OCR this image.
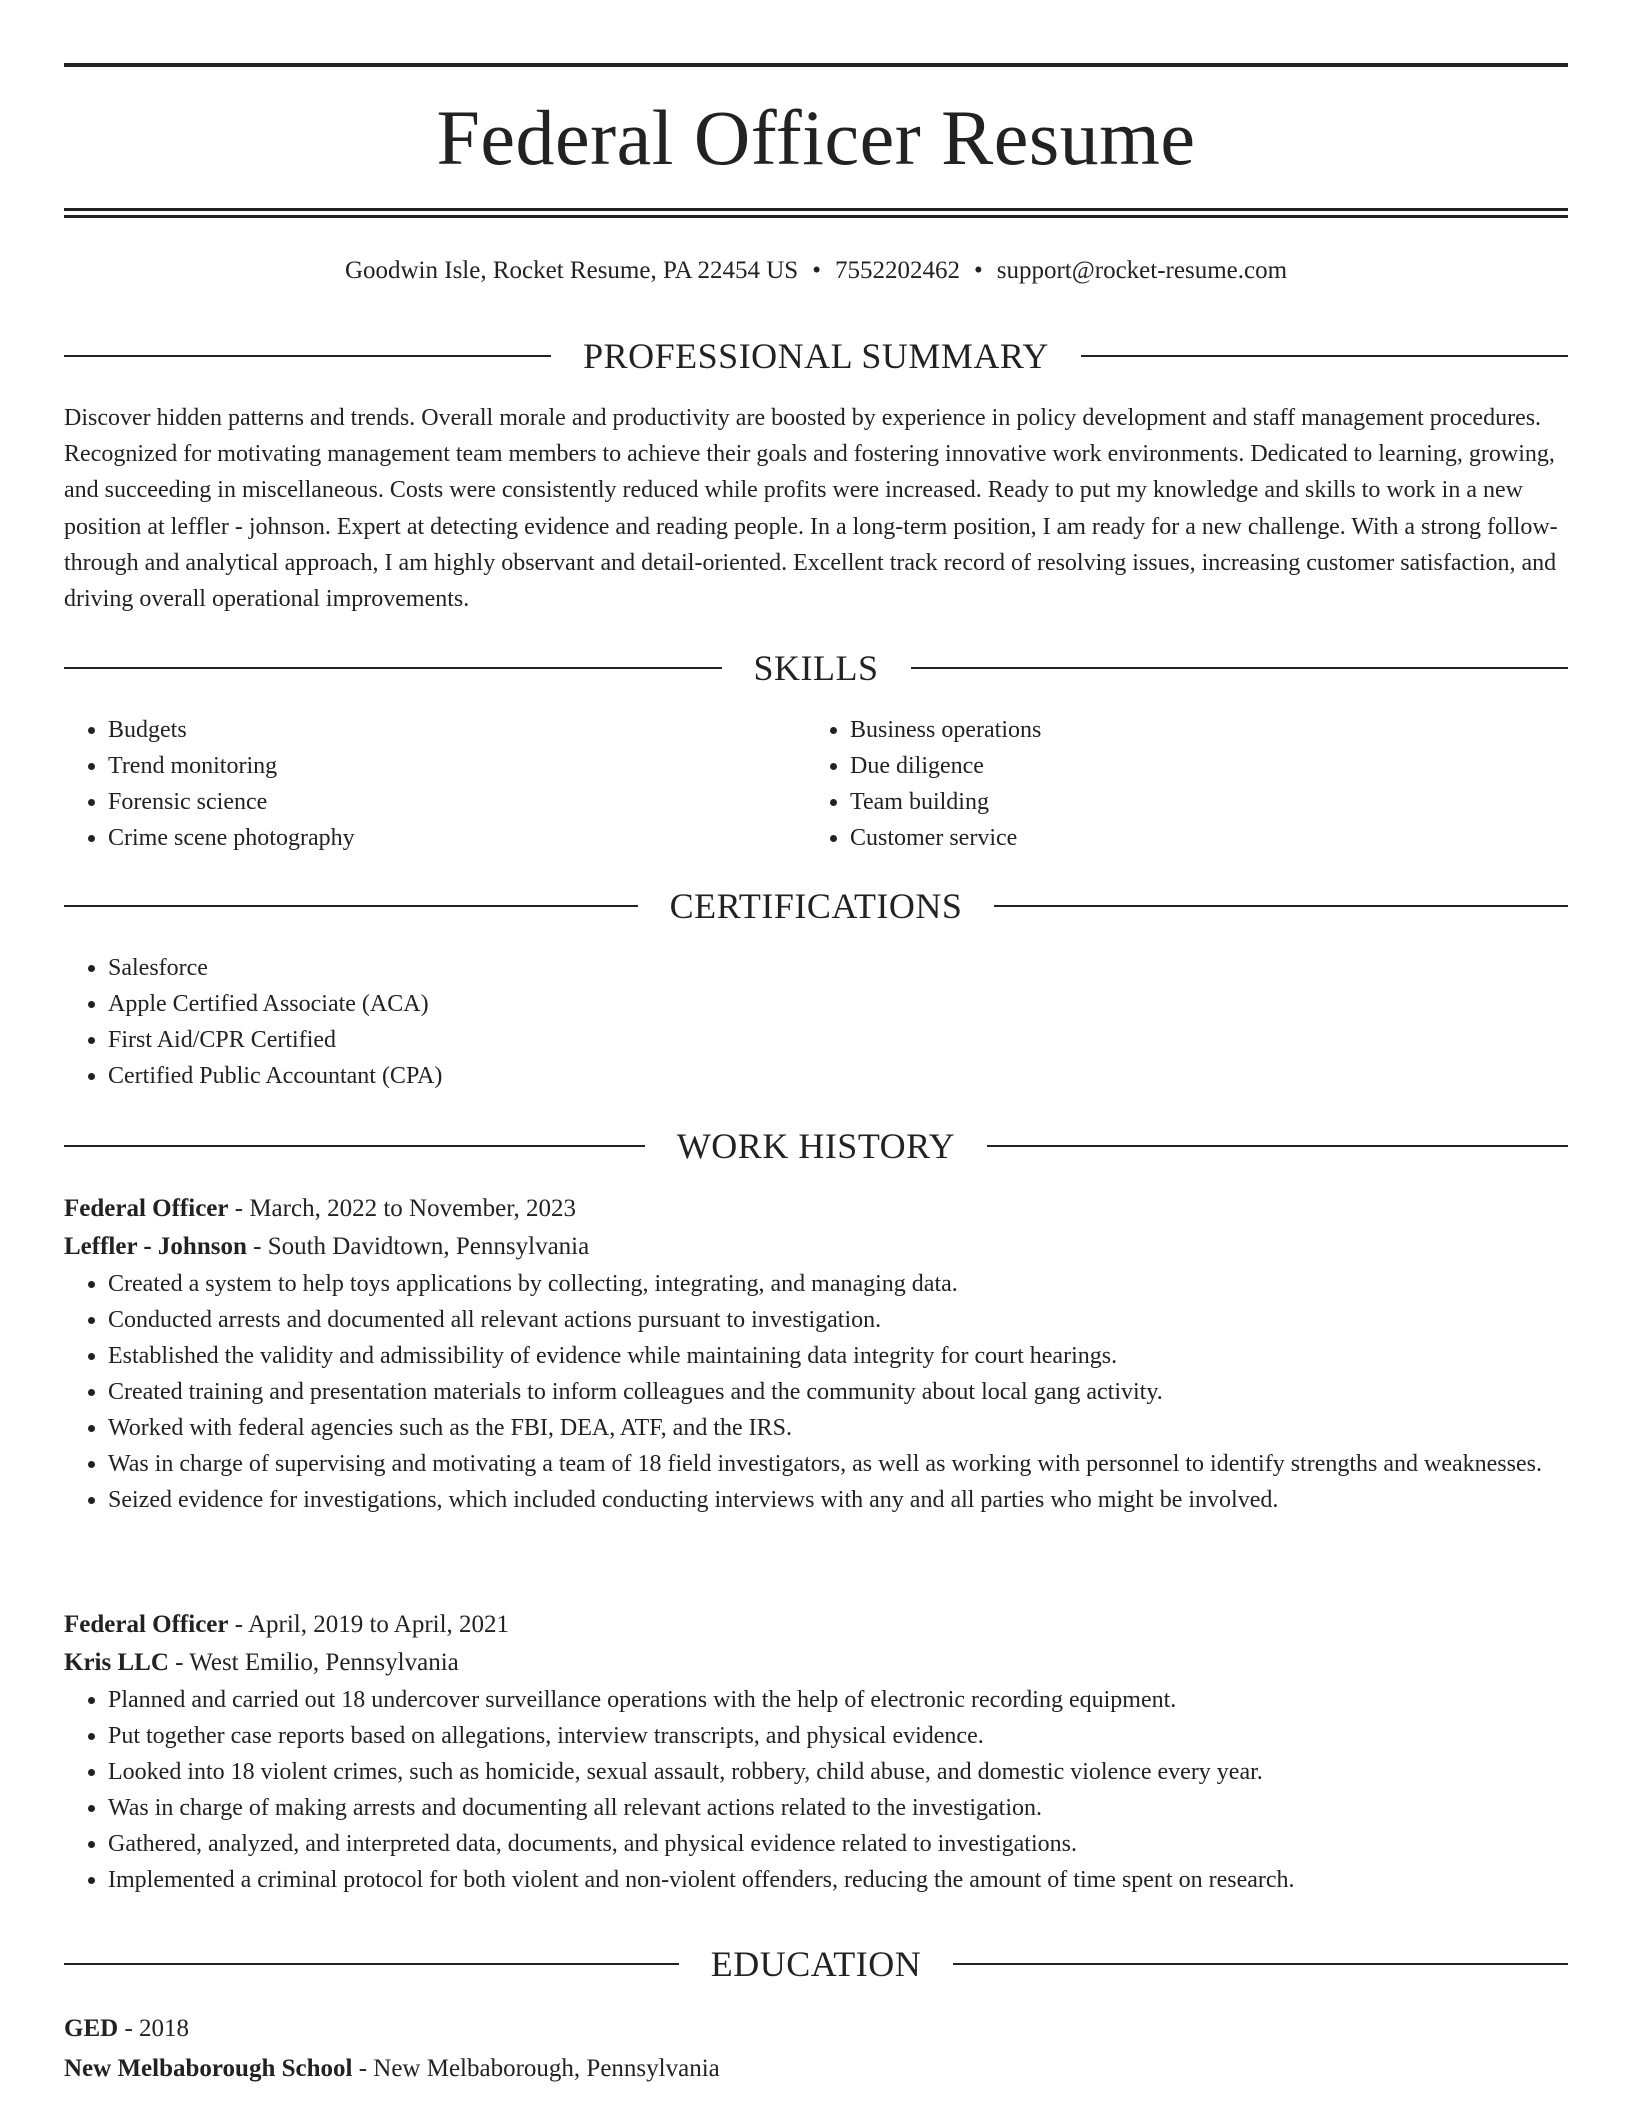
Federal Officer Resume
Goodwin Isle, Rocket Resume, PA 22454 US • 7552202462 • support@rocket-resume.com
PROFESSIONAL SUMMARY

Discover hidden patterns and trends. Overall morale and productivity are boosted by experience in policy development and staff management procedures. Recognized for motivating management team members to achieve their goals and fostering innovative work environments. Dedicated to learning, growing, and succeeding in miscellaneous. Costs were consistently reduced while profits were increased. Ready to put my knowledge and skills to work in a new position at leffler - johnson. Expert at detecting evidence and reading people. In a long-term position, I am ready for a new challenge. With a strong follow-through and analytical approach, I am highly observant and detail-oriented. Excellent track record of resolving issues, increasing customer satisfaction, and driving overall operational improvements.

SKILLS
• Budgets
• Trend monitoring
• Forensic science
• Crime scene photography
• Business operations
• Due diligence
• Team building
• Customer service
CERTIFICATIONS
• Salesforce
• Apple Certified Associate (ACA)
• First Aid/CPR Certified
• Certified Public Accountant (CPA)
WORK HISTORY
Federal Officer - March, 2022 to November, 2023
Leffler - Johnson - South Davidtown, Pennsylvania
• Created a system to help toys applications by collecting, integrating, and managing data.
• Conducted arrests and documented all relevant actions pursuant to investigation.
• Established the validity and admissibility of evidence while maintaining data integrity for court hearings.
• Created training and presentation materials to inform colleagues and the community about local gang activity.
• Worked with federal agencies such as the FBI, DEA, ATF, and the IRS.
• Was in charge of supervising and motivating a team of 18 field investigators, as well as working with personnel to identify strengths and weaknesses.
• Seized evidence for investigations, which included conducting interviews with any and all parties who might be involved.
Federal Officer - April, 2019 to April, 2021
Kris LLC - West Emilio, Pennsylvania
• Planned and carried out 18 undercover surveillance operations with the help of electronic recording equipment.
• Put together case reports based on allegations, interview transcripts, and physical evidence.
• Looked into 18 violent crimes, such as homicide, sexual assault, robbery, child abuse, and domestic violence every year.
• Was in charge of making arrests and documenting all relevant actions related to the investigation.
• Gathered, analyzed, and interpreted data, documents, and physical evidence related to investigations.
• Implemented a criminal protocol for both violent and non-violent offenders, reducing the amount of time spent on research.
EDUCATION
GED - 2018
New Melbaborough School - New Melbaborough, Pennsylvania
